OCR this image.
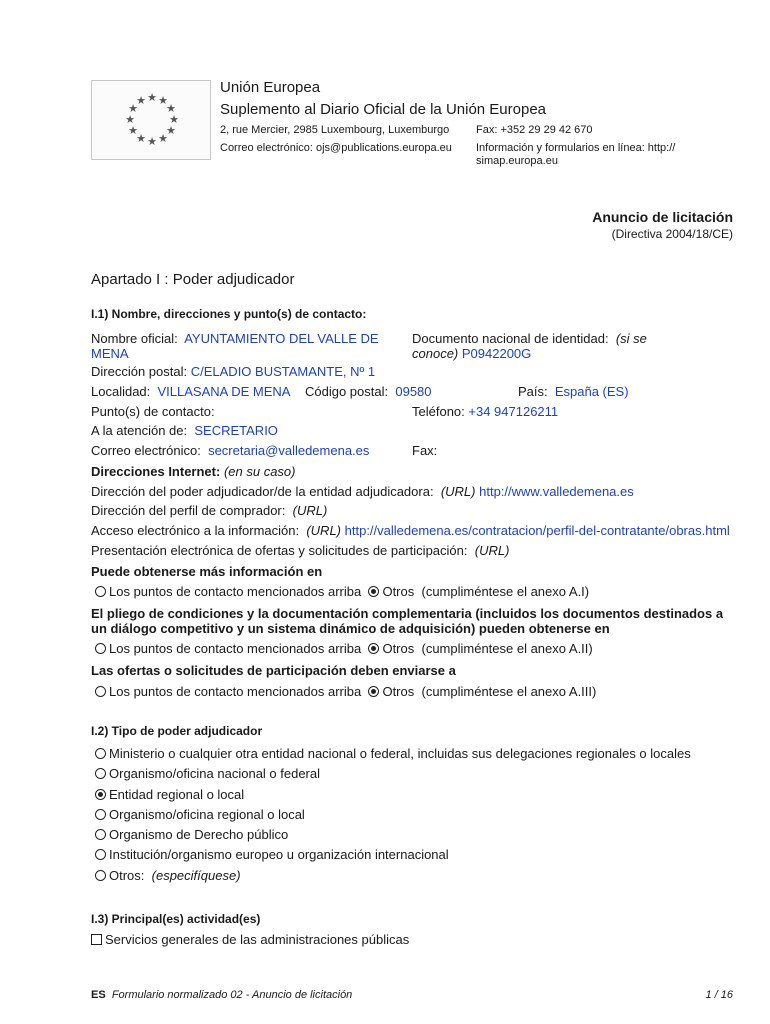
★ ★
★
★
★
★
★
★
★
★
★
★
Unión Europea
Suplemento al Diario Oficial de la Unión Europea
2, rue Mercier, 2985 Luxembourg, Luxemburgo Fax: +352 29 29 42 670
Correo electrónico: ojs@publications.europa.eu Información y formularios en línea: http://
simap.europa.eu
Anuncio de licitación
(Directiva 2004/18/CE)
Apartado I : Poder adjudicador
I.1) Nombre, direcciones y punto(s) de contacto:
Nombre oficial: AYUNTAMIENTO DEL VALLE DE
MENA
Documento nacional de identidad: (si se
conoce) P0942200G
Dirección postal: C/ELADIO BUSTAMANTE, Nº 1
Localidad: VILLASANA DE MENA Código postal: 09580	País: España (ES)
Punto(s) de contacto:	Teléfono: +34 947126211
A la atención de: SECRETARIO
Correo electrónico: secretaria@valledemena.es	Fax:
Direcciones Internet: (en su caso)
Dirección del poder adjudicador/de la entidad adjudicadora: (URL) http://www.valledemena.es
Dirección del perfil de comprador: (URL)
Acceso electrónico a la información: (URL) http://valledemena.es/contratacion/perfil-del-contratante/obras.html
Presentación electrónica de ofertas y solicitudes de participación: (URL)
Puede obtenerse más información en
Los puntos de contacto mencionados arriba Otros (cumpliméntese el anexo A.I)
El pliego de condiciones y la documentación complementaria (incluidos los documentos destinados a
un diálogo competitivo y un sistema dinámico de adquisición) pueden obtenerse en
Los puntos de contacto mencionados arriba Otros (cumpliméntese el anexo A.II)
Las ofertas o solicitudes de participación deben enviarse a
Los puntos de contacto mencionados arriba Otros (cumpliméntese el anexo A.III)
I.2) Tipo de poder adjudicador
Ministerio o cualquier otra entidad nacional o federal, incluidas sus delegaciones regionales o locales
Organismo/oficina nacional o federal
Entidad regional o local
Organismo/oficina regional o local
Organismo de Derecho público
Institución/organismo europeo u organización internacional
Otros: (especifíquese)
I.3) Principal(es) actividad(es)
Servicios generales de las administraciones públicas
ES Formulario normalizado 02 - Anuncio de licitación	1 / 16
